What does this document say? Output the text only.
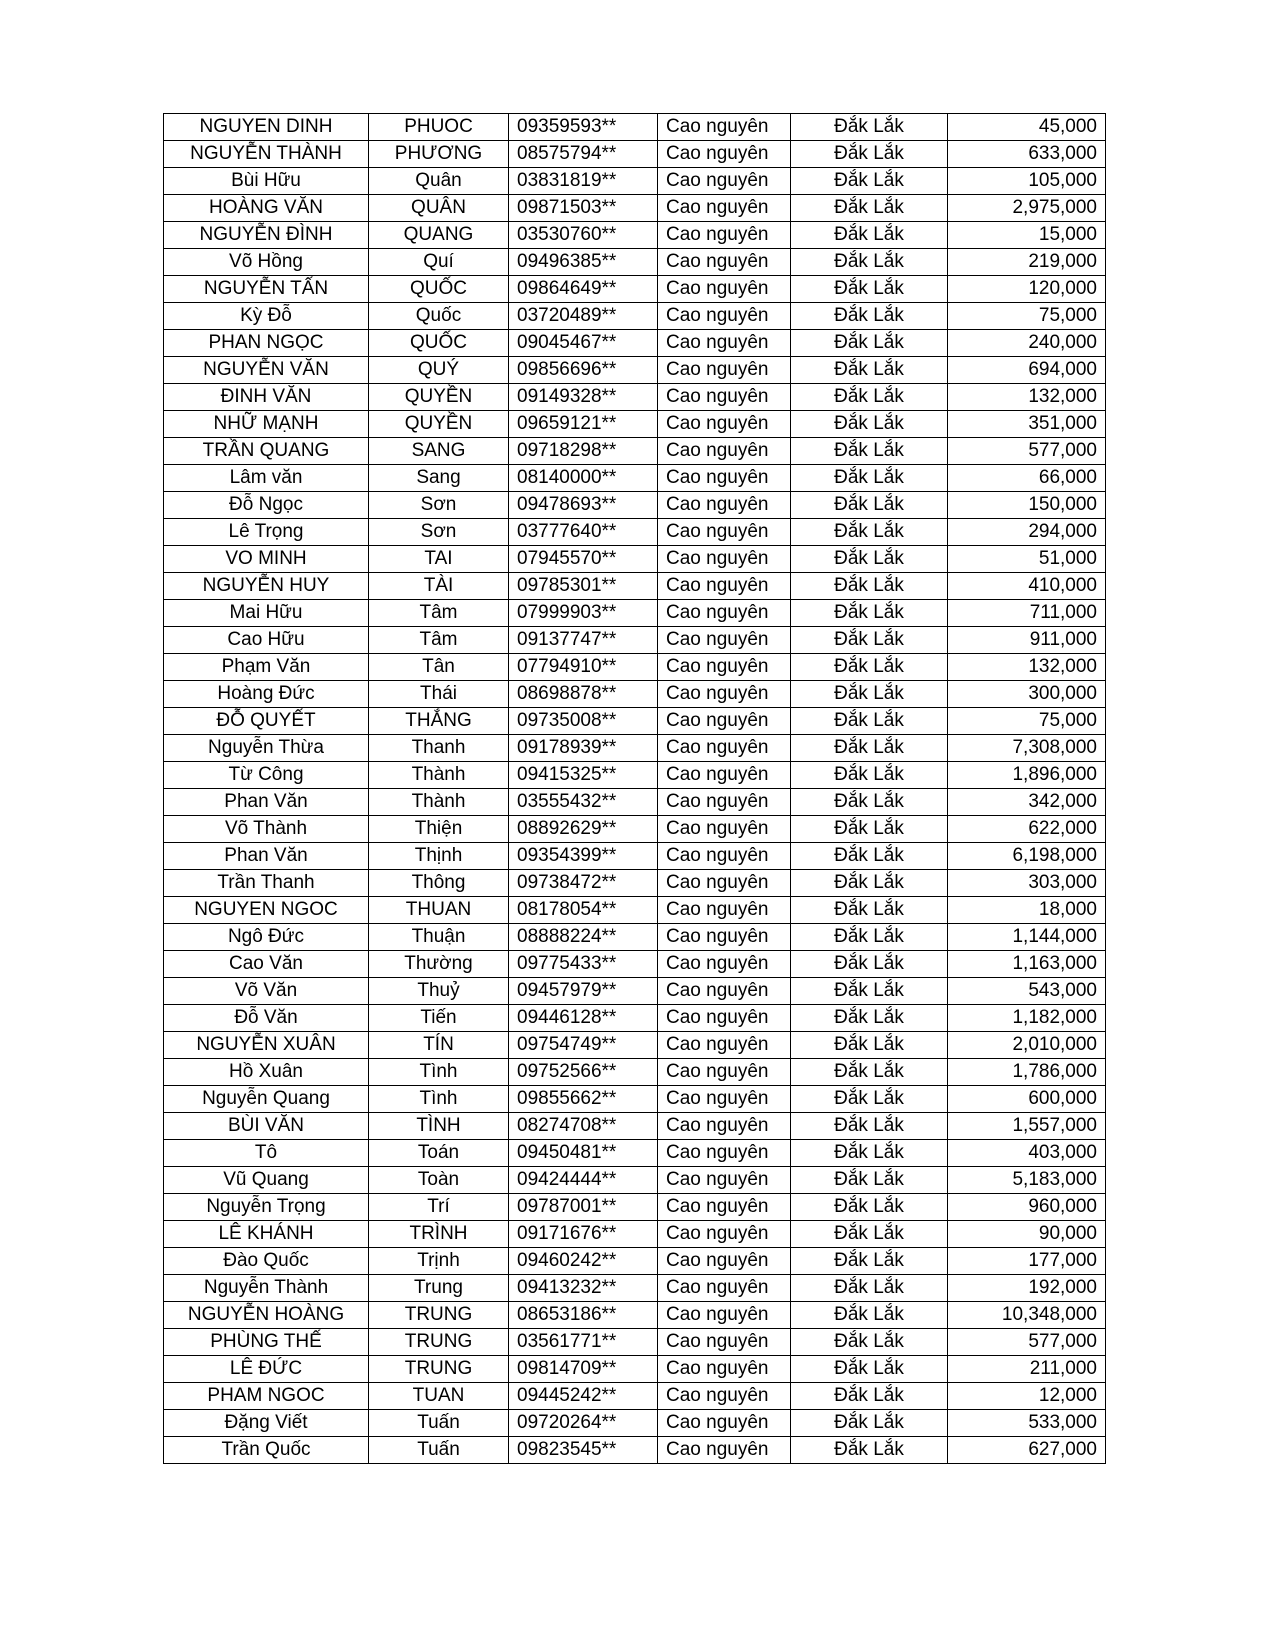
NGUYEN DINH	PHUOC	09359593**	Cao nguyên	Đắk Lắk	45,000
NGUYỄN THÀNH	PHƯƠNG	08575794**	Cao nguyên	Đắk Lắk	633,000
Bùi Hữu	Quân	03831819**	Cao nguyên	Đắk Lắk	105,000
HOÀNG VĂN	QUÂN	09871503**	Cao nguyên	Đắk Lắk	2,975,000
NGUYỄN ĐÌNH	QUANG	03530760**	Cao nguyên	Đắk Lắk	15,000
Võ Hồng	Quí	09496385**	Cao nguyên	Đắk Lắk	219,000
NGUYỄN TẤN	QUỐC	09864649**	Cao nguyên	Đắk Lắk	120,000
Kỳ Đỗ	Quốc	03720489**	Cao nguyên	Đắk Lắk	75,000
PHAN NGỌC	QUỐC	09045467**	Cao nguyên	Đắk Lắk	240,000
NGUYỄN VĂN	QUÝ	09856696**	Cao nguyên	Đắk Lắk	694,000
ĐINH VĂN	QUYỀN	09149328**	Cao nguyên	Đắk Lắk	132,000
NHỮ MẠNH	QUYỀN	09659121**	Cao nguyên	Đắk Lắk	351,000
TRẦN QUANG	SANG	09718298**	Cao nguyên	Đắk Lắk	577,000
Lâm văn	Sang	08140000**	Cao nguyên	Đắk Lắk	66,000
Đỗ Ngọc	Sơn	09478693**	Cao nguyên	Đắk Lắk	150,000
Lê Trọng	Sơn	03777640**	Cao nguyên	Đắk Lắk	294,000
VO MINH	TAI	07945570**	Cao nguyên	Đắk Lắk	51,000
NGUYỄN HUY	TÀI	09785301**	Cao nguyên	Đắk Lắk	410,000
Mai Hữu	Tâm	07999903**	Cao nguyên	Đắk Lắk	711,000
Cao Hữu	Tâm	09137747**	Cao nguyên	Đắk Lắk	911,000
Phạm Văn	Tân	07794910**	Cao nguyên	Đắk Lắk	132,000
Hoàng Đức	Thái	08698878**	Cao nguyên	Đắk Lắk	300,000
ĐỖ QUYẾT	THẮNG	09735008**	Cao nguyên	Đắk Lắk	75,000
Nguyễn Thừa	Thanh	09178939**	Cao nguyên	Đắk Lắk	7,308,000
Từ Công	Thành	09415325**	Cao nguyên	Đắk Lắk	1,896,000
Phan Văn	Thành	03555432**	Cao nguyên	Đắk Lắk	342,000
Võ Thành	Thiện	08892629**	Cao nguyên	Đắk Lắk	622,000
Phan Văn	Thịnh	09354399**	Cao nguyên	Đắk Lắk	6,198,000
Trần Thanh	Thông	09738472**	Cao nguyên	Đắk Lắk	303,000
NGUYEN NGOC	THUAN	08178054**	Cao nguyên	Đắk Lắk	18,000
Ngô Đức	Thuận	08888224**	Cao nguyên	Đắk Lắk	1,144,000
Cao Văn	Thường	09775433**	Cao nguyên	Đắk Lắk	1,163,000
Võ Văn	Thuỷ	09457979**	Cao nguyên	Đắk Lắk	543,000
Đỗ Văn	Tiến	09446128**	Cao nguyên	Đắk Lắk	1,182,000
NGUYỄN XUÂN	TÍN	09754749**	Cao nguyên	Đắk Lắk	2,010,000
Hồ Xuân	Tình	09752566**	Cao nguyên	Đắk Lắk	1,786,000
Nguyễn Quang	Tình	09855662**	Cao nguyên	Đắk Lắk	600,000
BÙI VĂN	TÌNH	08274708**	Cao nguyên	Đắk Lắk	1,557,000
Tô	Toán	09450481**	Cao nguyên	Đắk Lắk	403,000
Vũ Quang	Toàn	09424444**	Cao nguyên	Đắk Lắk	5,183,000
Nguyễn Trọng	Trí	09787001**	Cao nguyên	Đắk Lắk	960,000
LÊ KHÁNH	TRÌNH	09171676**	Cao nguyên	Đắk Lắk	90,000
Đào Quốc	Trịnh	09460242**	Cao nguyên	Đắk Lắk	177,000
Nguyễn Thành	Trung	09413232**	Cao nguyên	Đắk Lắk	192,000
NGUYỄN HOÀNG	TRUNG	08653186**	Cao nguyên	Đắk Lắk	10,348,000
PHÙNG THẾ	TRUNG	03561771**	Cao nguyên	Đắk Lắk	577,000
LÊ ĐỨC	TRUNG	09814709**	Cao nguyên	Đắk Lắk	211,000
PHAM NGOC	TUAN	09445242**	Cao nguyên	Đắk Lắk	12,000
Đặng Viết	Tuấn	09720264**	Cao nguyên	Đắk Lắk	533,000
Trần Quốc	Tuấn	09823545**	Cao nguyên	Đắk Lắk	627,000
